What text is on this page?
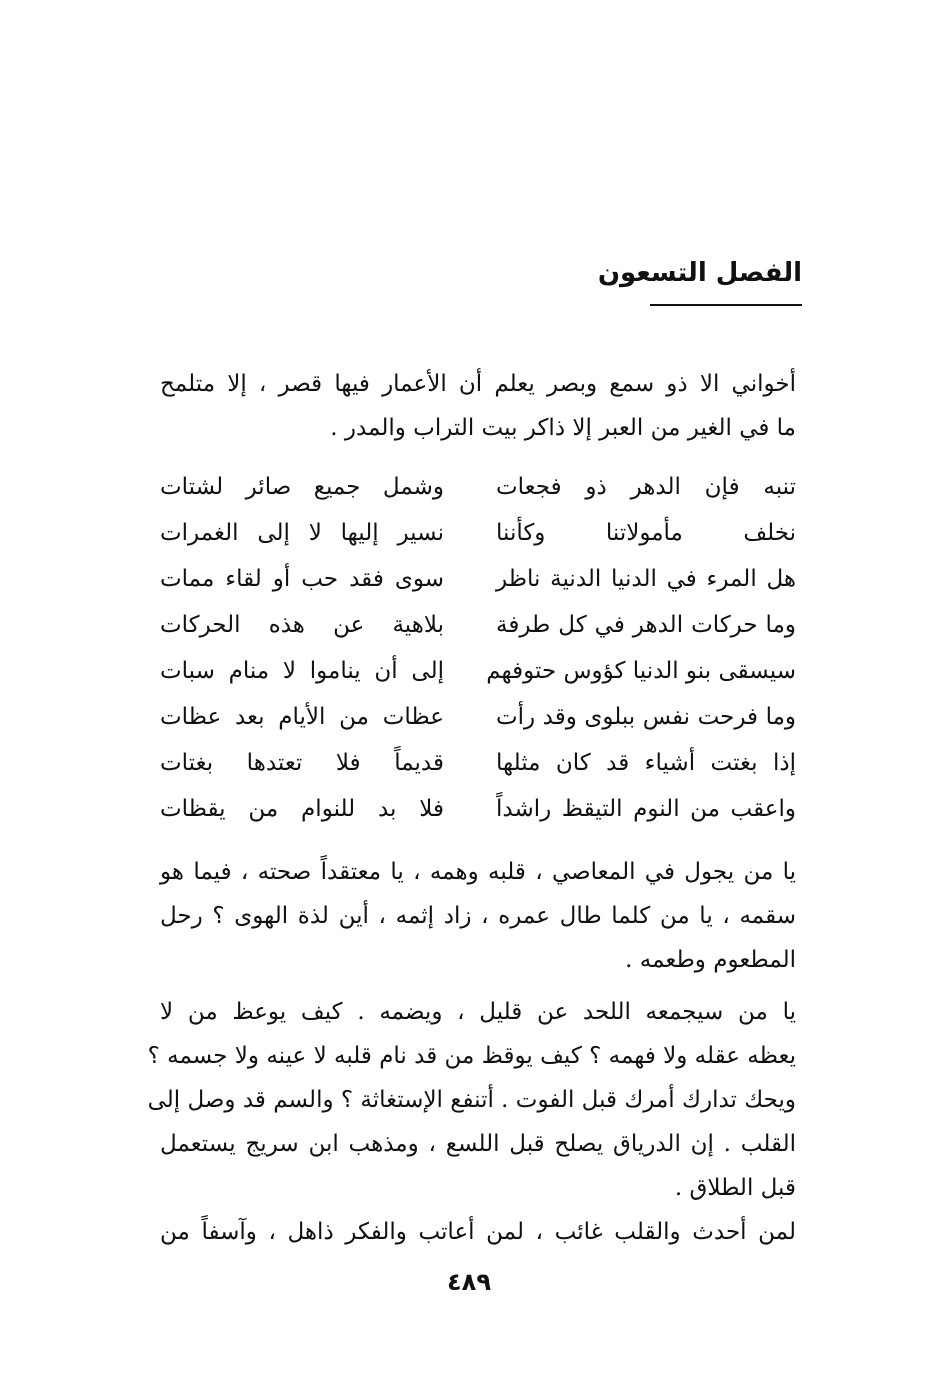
الفصل التسعون
أخواني الا ذو سمع وبصر يعلم أن الأعمار فيها قصر ، إلا متلمح
ما في الغير من العبر إلا ذاكر بيت التراب والمدر .
تنبه فإن الدهر ذو فجعات
وشمل جميع صائر لشتات
نخلف مأمولاتنا وكأننا
نسير إليها لا إلى الغمرات
هل المرء في الدنيا الدنية ناظر
سوى فقد حب أو لقاء ممات
وما حركات الدهر في كل طرفة
بلاهية عن هذه الحركات
سيسقى بنو الدنيا كؤوس حتوفهم
إلى أن يناموا لا منام سبات
وما فرحت نفس ببلوى وقد رأت
عظات من الأيام بعد عظات
إذا بغتت أشياء قد كان مثلها
قديماً فلا تعتدها بغتات
واعقب من النوم التيقظ راشداً
فلا بد للنوام من يقظات
يا من يجول في المعاصي ، قلبه وهمه ، يا معتقداً صحته ، فيما هو
سقمه ، يا من كلما طال عمره ، زاد إثمه ، أين لذة الهوى ؟ رحل
المطعوم وطعمه .
يا من سيجمعه اللحد عن قليل ، ويضمه . كيف يوعظ من لا
يعظه عقله ولا فهمه ؟ كيف يوقظ من قد نام قلبه لا عينه ولا جسمه ؟
ويحك تدارك أمرك قبل الفوت . أتنفع الإستغاثة ؟ والسم قد وصل إلى
القلب . إن الدرياق يصلح قبل اللسع ، ومذهب ابن سريج يستعمل
قبل الطلاق .
لمن أحدث والقلب غائب ، لمن أعاتب والفكر ذاهل ، وآسفاً من
٤٨٩
